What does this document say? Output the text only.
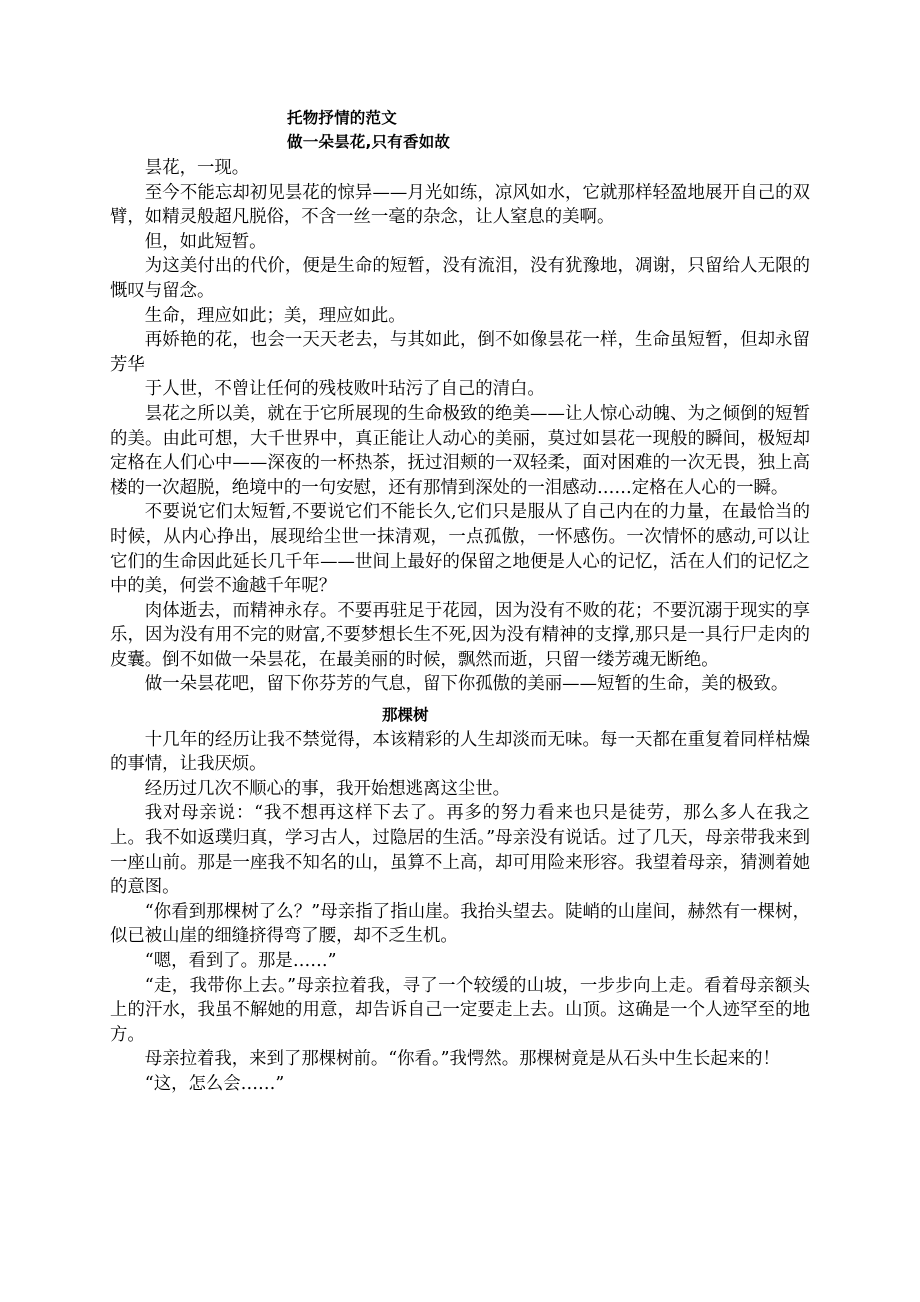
托物抒情的范文
做一朵昙花,只有香如故

昙花，一现。

至今不能忘却初见昙花的惊异——月光如练，凉风如水，它就那样轻盈地展开自己的双臂，如精灵般超凡脱俗，不含一丝一毫的杂念，让人窒息的美啊。

但，如此短暂。

为这美付出的代价，便是生命的短暂，没有流泪，没有犹豫地，凋谢，只留给人无限的慨叹与留念。

生命，理应如此；美，理应如此。

再娇艳的花，也会一天天老去，与其如此，倒不如像昙花一样，生命虽短暂，但却永留芳华

于人世，不曾让任何的残枝败叶玷污了自己的清白。

昙花之所以美，就在于它所展现的生命极致的绝美——让人惊心动魄、为之倾倒的短暂的美。由此可想，大千世界中，真正能让人动心的美丽，莫过如昙花一现般的瞬间，极短却定格在人们心中——深夜的一杯热茶，抚过泪颊的一双轻柔，面对困难的一次无畏，独上高楼的一次超脱，绝境中的一句安慰，还有那情到深处的一泪感动……定格在人心的一瞬。

不要说它们太短暂,不要说它们不能长久,它们只是服从了自己内在的力量，在最恰当的时候，从内心挣出，展现给尘世一抹清观，一点孤傲，一怀感伤。一次情怀的感动,可以让它们的生命因此延长几千年——世间上最好的保留之地便是人心的记忆，活在人们的记忆之中的美，何尝不逾越千年呢？

肉体逝去，而精神永存。不要再驻足于花园，因为没有不败的花；不要沉溺于现实的享乐，因为没有用不完的财富,不要梦想长生不死,因为没有精神的支撑,那只是一具行尸走肉的皮囊。倒不如做一朵昙花，在最美丽的时候，飘然而逝，只留一缕芳魂无断绝。

做一朵昙花吧，留下你芬芳的气息，留下你孤傲的美丽——短暂的生命，美的极致。

那棵树

十几年的经历让我不禁觉得，本该精彩的人生却淡而无味。每一天都在重复着同样枯燥的事情，让我厌烦。

经历过几次不顺心的事，我开始想逃离这尘世。

我对母亲说：“我不想再这样下去了。再多的努力看来也只是徒劳，那么多人在我之上。我不如返璞归真，学习古人，过隐居的生活。”母亲没有说话。过了几天，母亲带我来到一座山前。那是一座我不知名的山，虽算不上高，却可用险来形容。我望着母亲，猜测着她的意图。

“你看到那棵树了么？”母亲指了指山崖。我抬头望去。陡峭的山崖间，赫然有一棵树，似已被山崖的细缝挤得弯了腰，却不乏生机。

“嗯，看到了。那是……”

“走，我带你上去。”母亲拉着我，寻了一个较缓的山坡，一步步向上走。看着母亲额头上的汗水，我虽不解她的用意，却告诉自己一定要走上去。山顶。这确是一个人迹罕至的地方。

母亲拉着我，来到了那棵树前。“你看。”我愕然。那棵树竟是从石头中生长起来的！

“这，怎么会……”
